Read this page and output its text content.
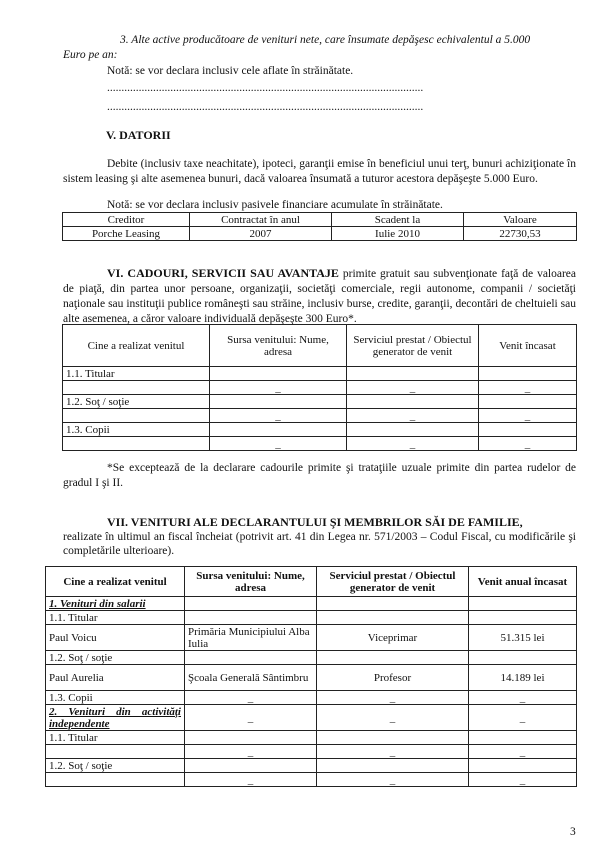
3. Alte active producătoare de venituri nete, care însumate depăşesc echivalentul a 5.000
Euro pe an:
Notă: se vor declara inclusiv cele aflate în străinătate.
..............................................................................................................
..............................................................................................................
V. DATORII
Debite (inclusiv taxe neachitate), ipoteci, garanţii emise în beneficiul unui terţ, bunuri achiziţionate în sistem leasing şi alte asemenea bunuri, dacă valoarea însumată a tuturor acestora depăşeşte 5.000 Euro.
Notă: se vor declara inclusiv pasivele financiare acumulate în străinătate.
Creditor	Contractat în anul	Scadent la	Valoare
Porche Leasing	2007	Iulie 2010	22730,53
VI. CADOURI, SERVICII SAU AVANTAJE primite gratuit sau subvenţionate faţă de valoarea de piaţă, din partea unor persoane, organizaţii, societăţi comerciale, regii autonome, companii / societăţi naţionale sau instituţii publice româneşti sau străine, inclusiv burse, credite, garanţii, decontări de cheltuieli sau alte asemenea, a căror valoare individuală depăşeşte 300 Euro*.
Cine a realizat venitul	Sursa venitului: Nume, adresa	Serviciul prestat / Obiectul generator de venit	Venit încasat
1.1. Titular			
	_	_	_
1.2. Soţ / soţie			
	_	_	_
1.3. Copii			
	_	_	_
*Se exceptează de la declarare cadourile primite şi trataţiile uzuale primite din partea rudelor de gradul I şi II.
VII. VENITURI ALE DECLARANTULUI ŞI MEMBRILOR SĂI DE FAMILIE,
realizate în ultimul an fiscal încheiat (potrivit art. 41 din Legea nr. 571/2003 – Codul Fiscal, cu modificările şi completările ulterioare).
Cine a realizat venitul	Sursa venitului: Nume, adresa	Serviciul prestat / Obiectul generator de venit	Venit anual încasat
1. Venituri din salarii			
1.1. Titular			
Paul Voicu	Primăria Municipiului Alba Iulia	Viceprimar	51.315 lei
1.2. Soţ / soţie			
Paul Aurelia	Şcoala Generală Sântimbru	Profesor	14.189 lei
1.3. Copii	_	_	_
2. Venituri din activităţi independente	_	_	_
1.1. Titular			
	_	_	_
1.2. Soţ / soţie			
	_	_	_
3
